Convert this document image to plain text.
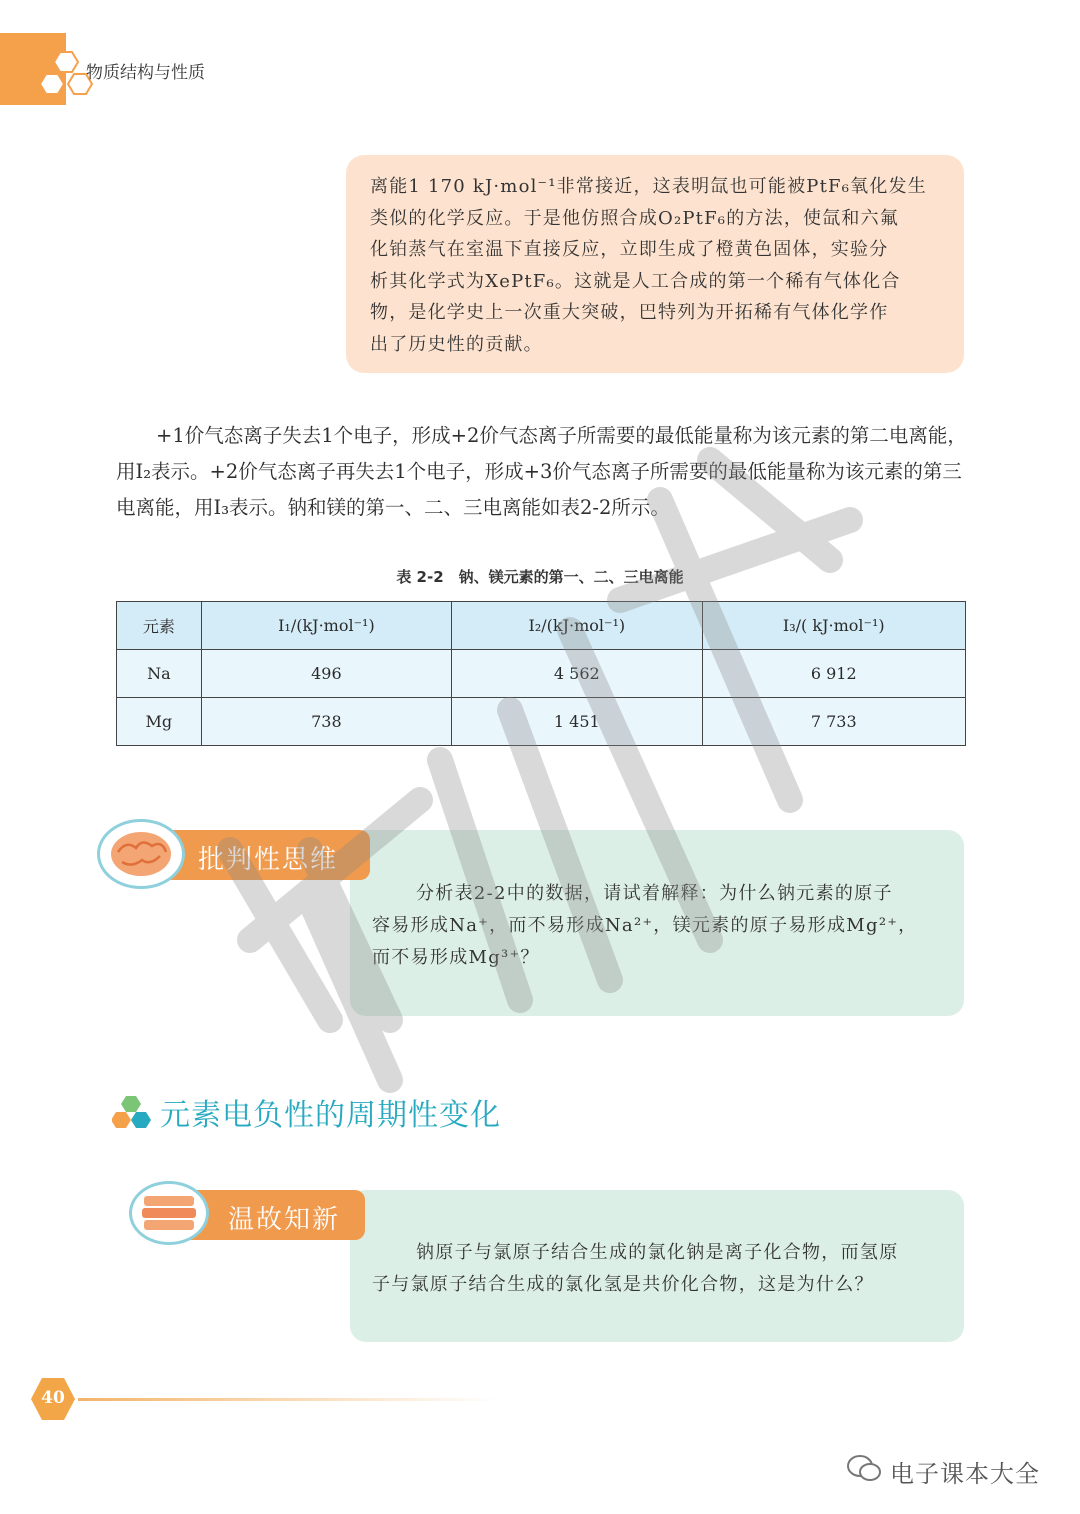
物质结构与性质
离能1 170 kJ·mol⁻¹非常接近，这表明氙也可能被PtF₆氧化发生
类似的化学反应。于是他仿照合成O₂PtF₆的方法，使氙和六氟
化铂蒸气在室温下直接反应，立即生成了橙黄色固体，实验分
析其化学式为XePtF₆。这就是人工合成的第一个稀有气体化合
物，是化学史上一次重大突破，巴特列为开拓稀有气体化学作
出了历史性的贡献。
+1价气态离子失去1个电子，形成+2价气态离子所需要的最低能量称为该元素的第二电离能，用I₂表示。+2价气态离子再失去1个电子，形成+3价气态离子所需要的最低能量称为该元素的第三电离能，用I₃表示。钠和镁的第一、二、三电离能如表2-2所示。
表 2-2　钠、镁元素的第一、二、三电离能
元素	I₁/(kJ·mol⁻¹)	I₂/(kJ·mol⁻¹)	I₃/( kJ·mol⁻¹)
Na	496	4 562	6 912
Mg	738	1 451	7 733
批判性思维
分析表2-2中的数据，请试着解释：为什么钠元素的原子
容易形成Na⁺，而不易形成Na²⁺，镁元素的原子易形成Mg²⁺，
而不易形成Mg³⁺？
元素电负性的周期性变化
温故知新
钠原子与氯原子结合生成的氯化钠是离子化合物，而氢原
子与氯原子结合生成的氯化氢是共价化合物，这是为什么？
40
电子课本大全
